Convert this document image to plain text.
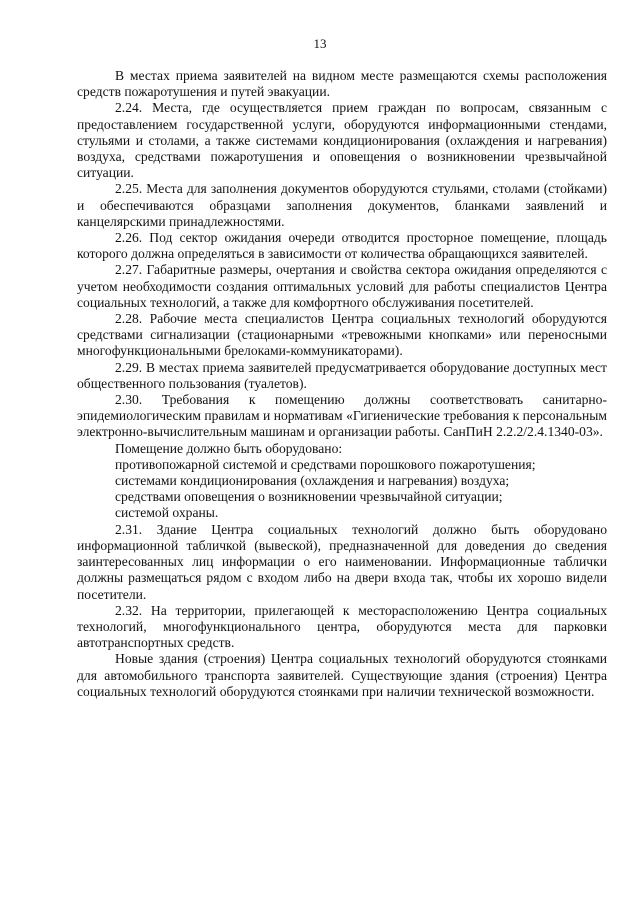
13

В местах приема заявителей на видном месте размещаются схемы расположения средств пожаротушения и путей эвакуации.

2.24. Места, где осуществляется прием граждан по вопросам, связанным с предоставлением государственной услуги, оборудуются информационными стендами, стульями и столами, а также системами кондиционирования (охлаждения и нагревания) воздуха, средствами пожаротушения и оповещения о возникновении чрезвычайной ситуации.

2.25. Места для заполнения документов оборудуются стульями, столами (стойками) и обеспечиваются образцами заполнения документов, бланками заявлений и канцелярскими принадлежностями.

2.26. Под сектор ожидания очереди отводится просторное помещение, площадь которого должна определяться в зависимости от количества обращающихся заявителей.

2.27. Габаритные размеры, очертания и свойства сектора ожидания определяются с учетом необходимости создания оптимальных условий для работы специалистов Центра социальных технологий, а также для комфортного обслуживания посетителей.

2.28. Рабочие места специалистов Центра социальных технологий оборудуются средствами сигнализации (стационарными «тревожными кнопками» или переносными многофункциональными брелоками-коммуникаторами).

2.29. В местах приема заявителей предусматривается оборудование доступных мест общественного пользования (туалетов).

2.30. Требования к помещению должны соответствовать санитарно-эпидемиологическим правилам и нормативам «Гигиенические требования к персональным электронно-вычислительным машинам и организации работы. СанПиН 2.2.2/2.4.1340-03».

Помещение должно быть оборудовано:

противопожарной системой и средствами порошкового пожаротушения;

системами кондиционирования (охлаждения и нагревания) воздуха;

средствами оповещения о возникновении чрезвычайной ситуации;

системой охраны.

2.31. Здание Центра социальных технологий должно быть оборудовано информационной табличкой (вывеской), предназначенной для доведения до сведения заинтересованных лиц информации о его наименовании. Информационные таблички должны размещаться рядом с входом либо на двери входа так, чтобы их хорошо видели посетители.

2.32. На территории, прилегающей к месторасположению Центра социальных технологий, многофункционального центра, оборудуются места для парковки автотранспортных средств.

Новые здания (строения) Центра социальных технологий оборудуются стоянками для автомобильного транспорта заявителей. Существующие здания (строения) Центра социальных технологий оборудуются стоянками при наличии технической возможности.
